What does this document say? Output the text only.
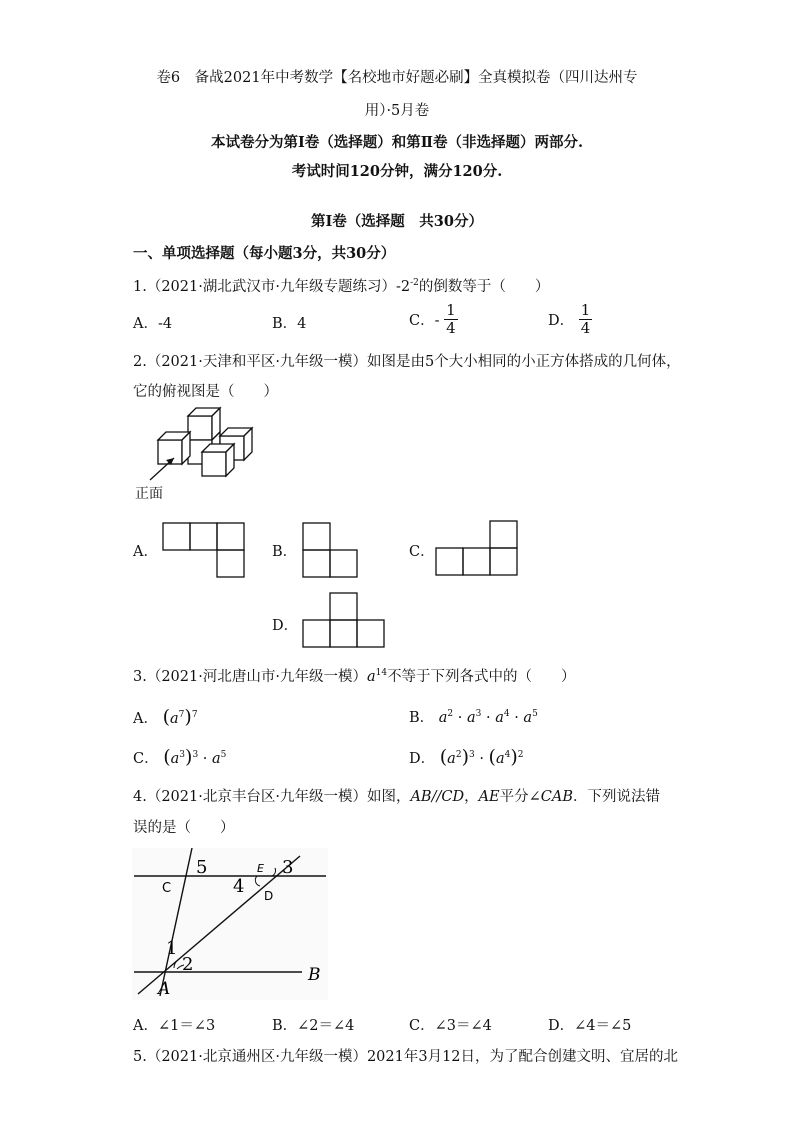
卷6　备战2021年中考数学【名校地市好题必刷】全真模拟卷（四川达州专
用）·5月卷
本试卷分为第Ⅰ卷（选择题）和第Ⅱ卷（非选择题）两部分.
考试时间120分钟，满分120分.
第Ⅰ卷（选择题　共30分）
一、单项选择题（每小题3分，共30分）
1.（2021·湖北武汉市·九年级专题练习）$-2^{-2}$的倒数等于（　　）
A．-4	B．4	C．- $\frac{1}{4}$	D． $\frac{1}{4}$
2.（2021·天津和平区·九年级一模）如图是由5个大小相同的小正方体搭成的几何体，
它的俯视图是（　　）
正面
A．	B．	C．
D．
3.（2021·河北唐山市·九年级一模）$a^{14}$不等于下列各式中的（　　）
A． $(a^7)^7$	B． $a^2 \cdot a^3 \cdot a^4 \cdot a^5$
C． $(a^3)^3 \cdot a^5$	D． $(a^2)^3 \cdot (a^4)^2$
4.（2021·北京丰台区·九年级一模）如图，AB//CD，AE平分∠CAB．下列说法错
误的是（　　）
5	3
C
E
4 D
1
2
A
B
A．∠1＝∠3	B．∠2＝∠4	C．∠3＝∠4	D．∠4＝∠5
5.（2021·北京通州区·九年级一模）2021年3月12日，为了配合创建文明、宜居的北
